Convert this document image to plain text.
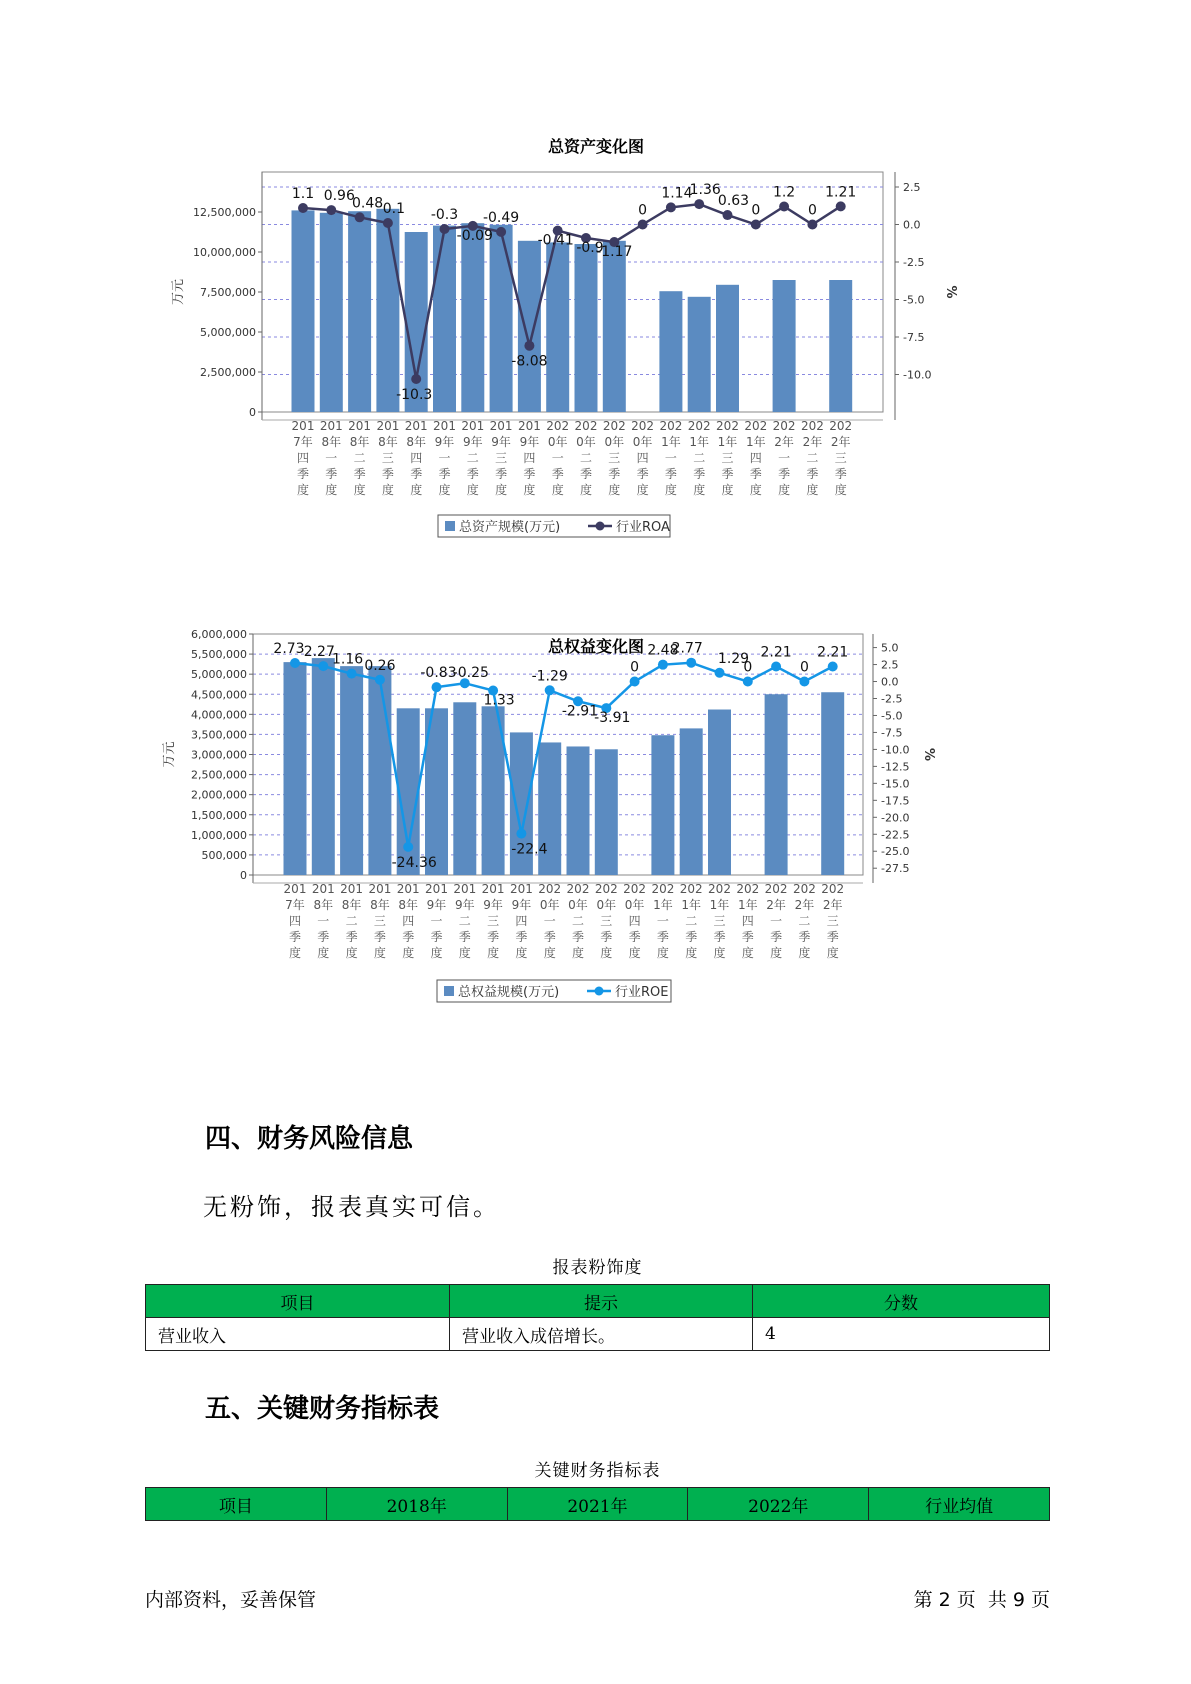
总资产变化图
0
2,500,000
5,000,000
7,500,000
10,000,000
12,500,000
万元
2.5
0.0
-2.5
-5.0
-7.5
-10.0
%
1.1 0.96
0.48 0.1
-10.3
-0.3
-0.09
-0.49
-8.08
-0.41 -0.9
-1.17
0
1.14
1.36
0.63
0
1.2
0
1.21
201 7年四季度
201 8年一季度
201 8年二季度
201 8年三季度
201 8年四季度
201 9年一季度
201 9年二季度
201 9年三季度
201 9年四季度
202 0年一季度
202 0年二季度
202 0年三季度
202 0年四季度
202 1年一季度
202 1年二季度
202 1年三季度
202 1年四季度
202 2年一季度
202 2年二季度
202 2年三季度
总资产规模(万元)	行业ROA
总权益变化图
0
500,000
1,000,000
1,500,000
2,000,000
2,500,000
3,000,000
3,500,000
4,000,000
4,500,000
5,000,000
5,500,000
6,000,000
万元
5.0
2.5
0.0
-2.5
-5.0
-7.5
-10.0
-12.5
-15.0
-17.5
-20.0
-22.5
-25.0
-27.5
%
2.73 2.27
1.16 0.26
-24.36
-0.83
-0.25
1.33
-22.4
-1.29
-2.91
-3.91
0
2.48
2.77
1.29
0
2.21
0
2.21
201 7年四季度
201 8年一季度
201 8年二季度
201 8年三季度
201 8年四季度
201 9年一季度
201 9年二季度
201 9年三季度
201 9年四季度
202 0年一季度
202 0年二季度
202 0年三季度
202 0年四季度
202 1年一季度
202 1年二季度
202 1年三季度
202 1年四季度
202 2年一季度
202 2年二季度
202 2年三季度
总权益规模(万元)	行业ROE
四、财务风险信息
无粉饰，报表真实可信。
报表粉饰度
项目	提示	分数
营业收入	营业收入成倍增长。	4
五、关键财务指标表
关键财务指标表
项目	2018年	2021年	2022年	行业均值
内部资料，妥善保管	第 2 页  共 9 页
